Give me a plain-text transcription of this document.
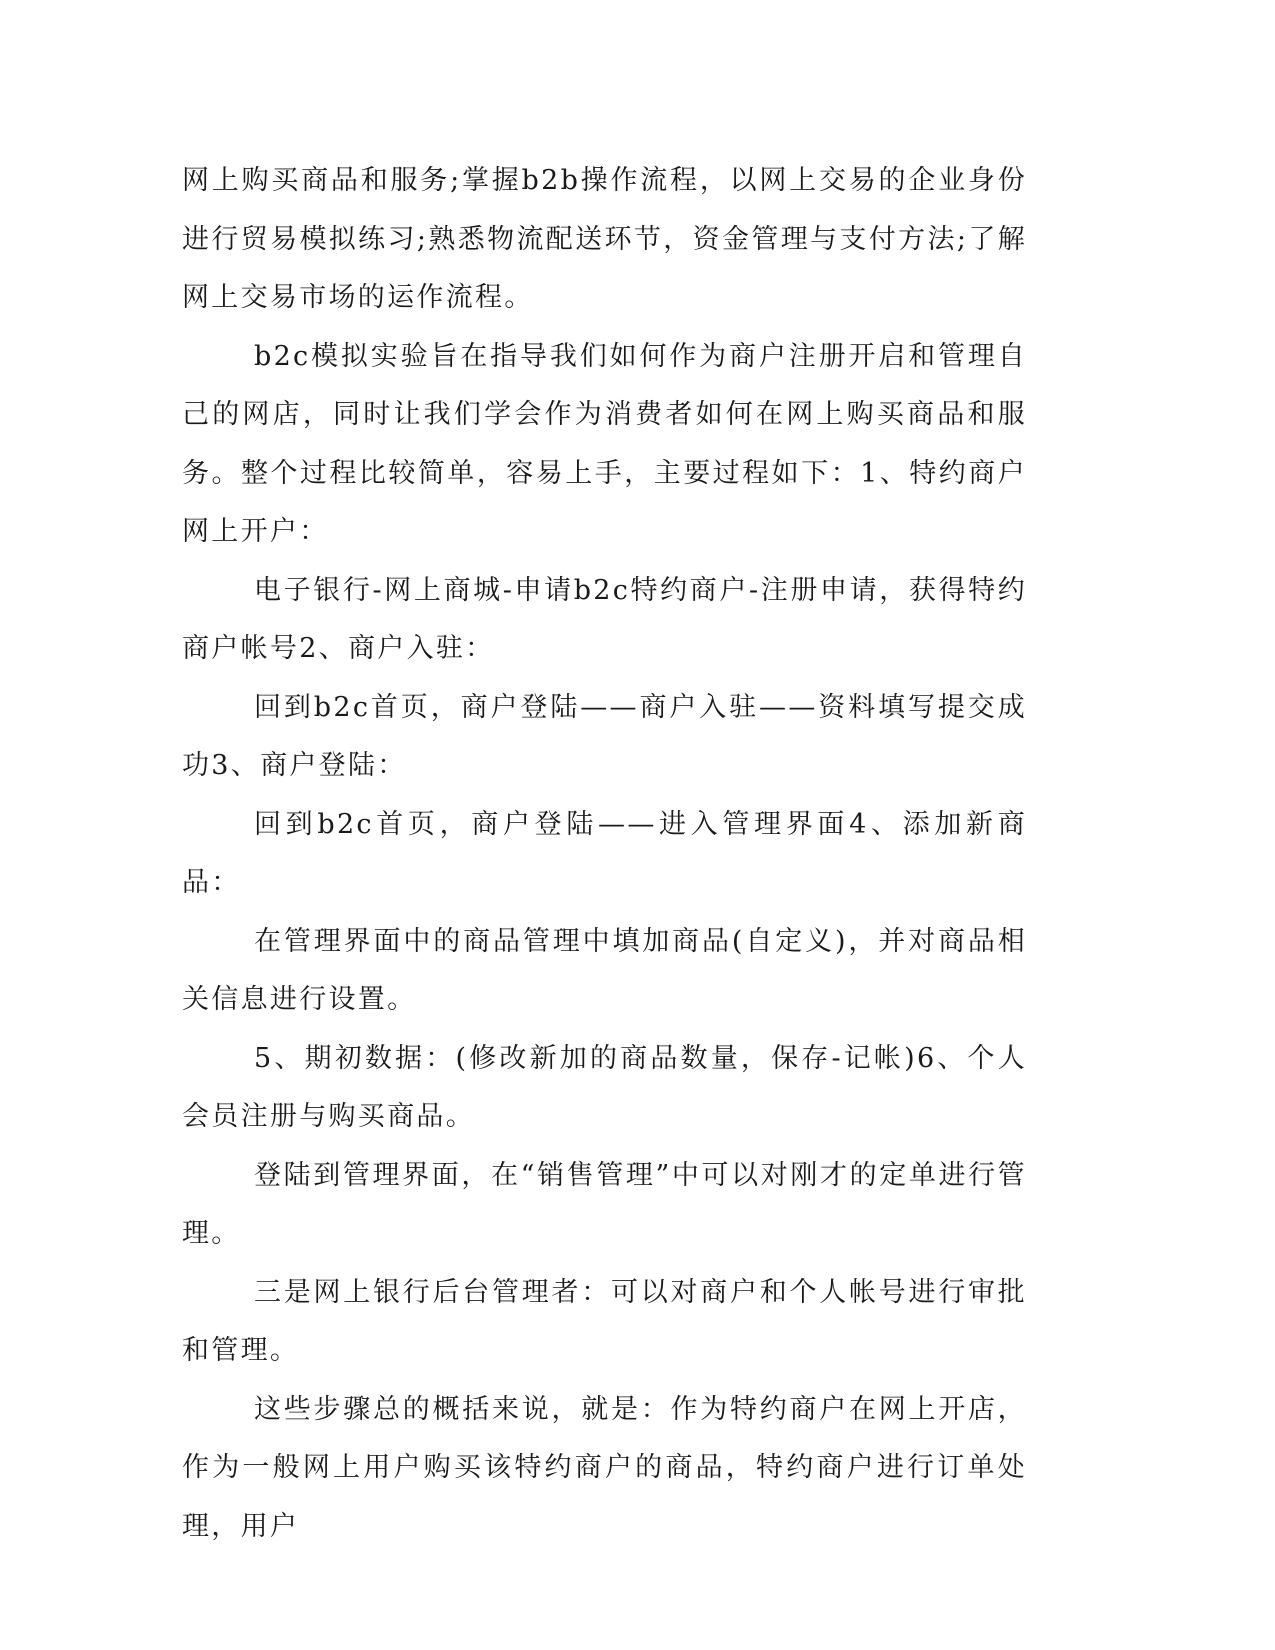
网上购买商品和服务;掌握b2b操作流程，以网上交易的企业身份进行贸易模拟练习;熟悉物流配送环节，资金管理与支付方法;了解网上交易市场的运作流程。

b2c模拟实验旨在指导我们如何作为商户注册开启和管理自己的网店，同时让我们学会作为消费者如何在网上购买商品和服务。整个过程比较简单，容易上手，主要过程如下：1、特约商户网上开户：

电子银行-网上商城-申请b2c特约商户-注册申请，获得特约商户帐号2、商户入驻：

回到b2c首页，商户登陆——商户入驻——资料填写提交成功3、商户登陆：

回到b2c首页，商户登陆——进入管理界面4、添加新商品：

在管理界面中的商品管理中填加商品(自定义)，并对商品相关信息进行设置。

5、期初数据：(修改新加的商品数量，保存-记帐)6、个人会员注册与购买商品。

登陆到管理界面，在“销售管理”中可以对刚才的定单进行管理。

三是网上银行后台管理者：可以对商户和个人帐号进行审批和管理。

这些步骤总的概括来说，就是：作为特约商户在网上开店，作为一般网上用户购买该特约商户的商品，特约商户进行订单处理，用户
